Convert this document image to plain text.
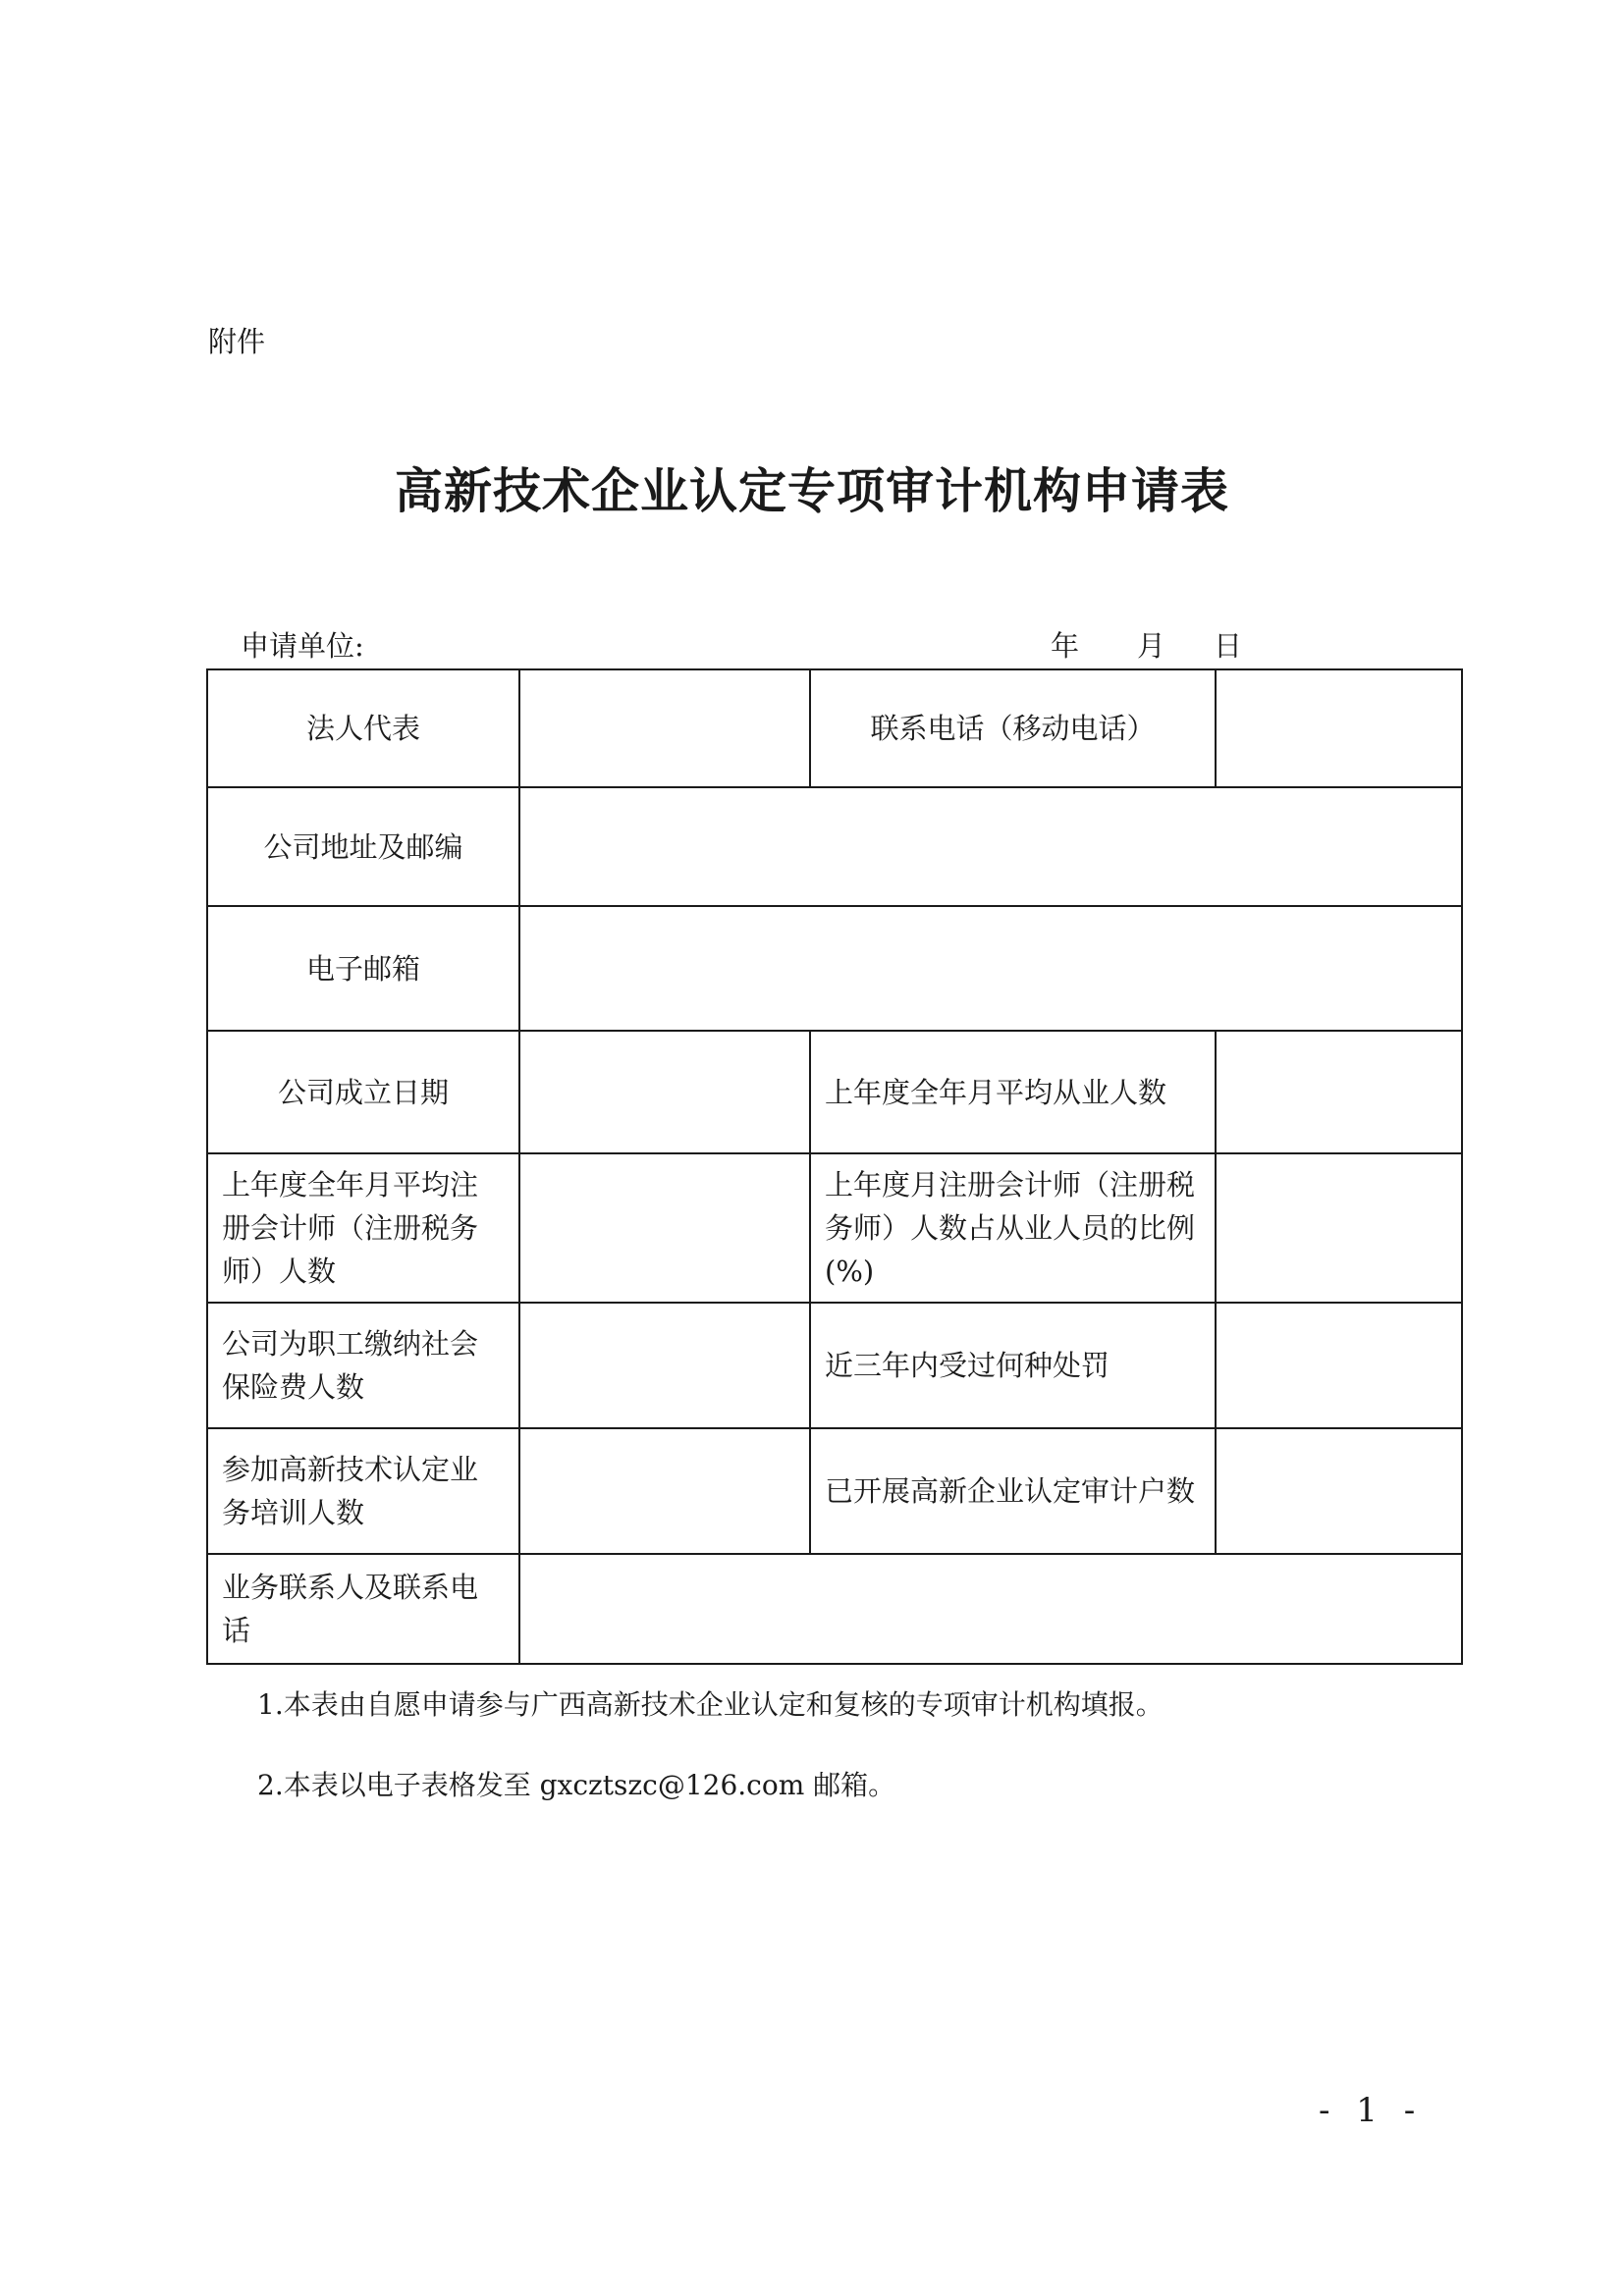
附件
高新技术企业认定专项审计机构申请表
申请单位:	年	月	日
法人代表		联系电话（移动电话）	
公司地址及邮编			
电子邮箱			
公司成立日期		上年度全年月平均从业人数	
上年度全年月平均注册会计师（注册税务师）人数		上年度月注册会计师（注册税务师）人数占从业人员的比例(%)	
公司为职工缴纳社会保险费人数		近三年内受过何种处罚	
参加高新技术认定业务培训人数		已开展高新企业认定审计户数	
业务联系人及联系电话			

1.本表由自愿申请参与广西高新技术企业认定和复核的专项审计机构填报。

2.本表以电子表格发至 gxcztszc@126.com 邮箱。

- 1 -
